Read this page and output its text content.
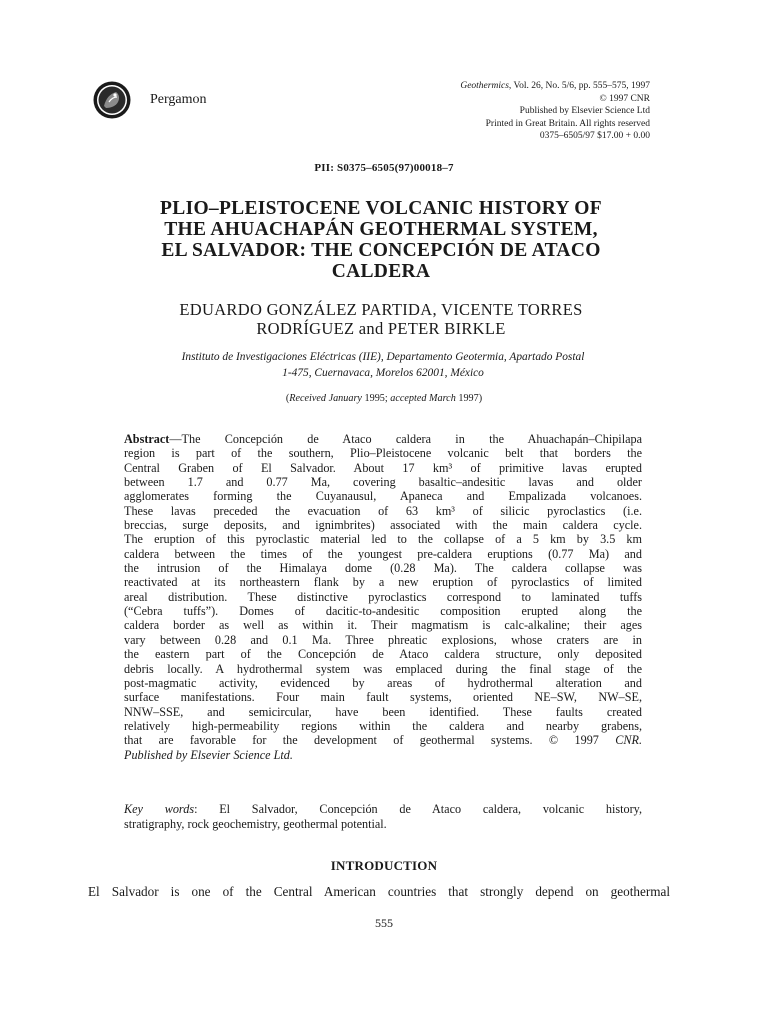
Pergamon
Geothermics, Vol. 26, No. 5/6, pp. 555–575, 1997
© 1997 CNR
Published by Elsevier Science Ltd
Printed in Great Britain. All rights reserved
0375–6505/97 $17.00 + 0.00
PII: S0375–6505(97)00018–7
PLIO–PLEISTOCENE VOLCANIC HISTORY OF
THE AHUACHAPÁN GEOTHERMAL SYSTEM,
EL SALVADOR: THE CONCEPCIÓN DE ATACO
CALDERA
EDUARDO GONZÁLEZ PARTIDA, VICENTE TORRES
RODRÍGUEZ and PETER BIRKLE
Instituto de Investigaciones Eléctricas (IIE), Departamento Geotermia, Apartado Postal
1-475, Cuernavaca, Morelos 62001, México
(Received January 1995; accepted March 1997)
Abstract—The Concepción de Ataco caldera in the Ahuachapán–Chipilapa
region is part of the southern, Plio–Pleistocene volcanic belt that borders the
Central Graben of El Salvador. About 17 km³ of primitive lavas erupted
between 1.7 and 0.77 Ma, covering basaltic–andesitic lavas and older
agglomerates forming the Cuyanausul, Apaneca and Empalizada volcanoes.
These lavas preceded the evacuation of 63 km³ of silicic pyroclastics (i.e.
breccias, surge deposits, and ignimbrites) associated with the main caldera cycle.
The eruption of this pyroclastic material led to the collapse of a 5 km by 3.5 km
caldera between the times of the youngest pre-caldera eruptions (0.77 Ma) and
the intrusion of the Himalaya dome (0.28 Ma). The caldera collapse was
reactivated at its northeastern flank by a new eruption of pyroclastics of limited
areal distribution. These distinctive pyroclastics correspond to laminated tuffs
(“Cebra tuffs”). Domes of dacitic-to-andesitic composition erupted along the
caldera border as well as within it. Their magmatism is calc-alkaline; their ages
vary between 0.28 and 0.1 Ma. Three phreatic explosions, whose craters are in
the eastern part of the Concepción de Ataco caldera structure, only deposited
debris locally. A hydrothermal system was emplaced during the final stage of the
post-magmatic activity, evidenced by areas of hydrothermal alteration and
surface manifestations. Four main fault systems, oriented NE–SW, NW–SE,
NNW–SSE, and semicircular, have been identified. These faults created
relatively high-permeability regions within the caldera and nearby grabens,
that are favorable for the development of geothermal systems. © 1997 CNR.
Published by Elsevier Science Ltd.
Key words: El Salvador, Concepción de Ataco caldera, volcanic history,
stratigraphy, rock geochemistry, geothermal potential.
INTRODUCTION
El Salvador is one of the Central American countries that strongly depend on geothermal
555
